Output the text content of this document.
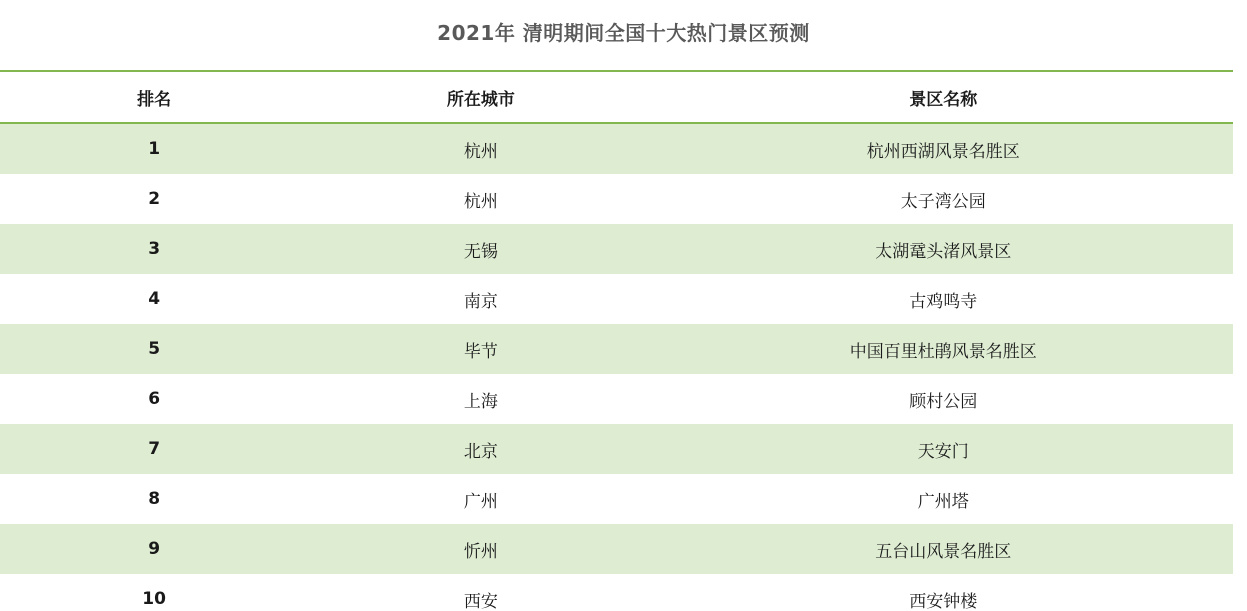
2021年 清明期间全国十大热门景区预测
排名	所在城市	景区名称
1	杭州	杭州西湖风景名胜区
2	杭州	太子湾公园
3	无锡	太湖鼋头渚风景区
4	南京	古鸡鸣寺
5	毕节	中国百里杜鹃风景名胜区
6	上海	顾村公园
7	北京	天安门
8	广州	广州塔
9	忻州	五台山风景名胜区
10	西安	西安钟楼
